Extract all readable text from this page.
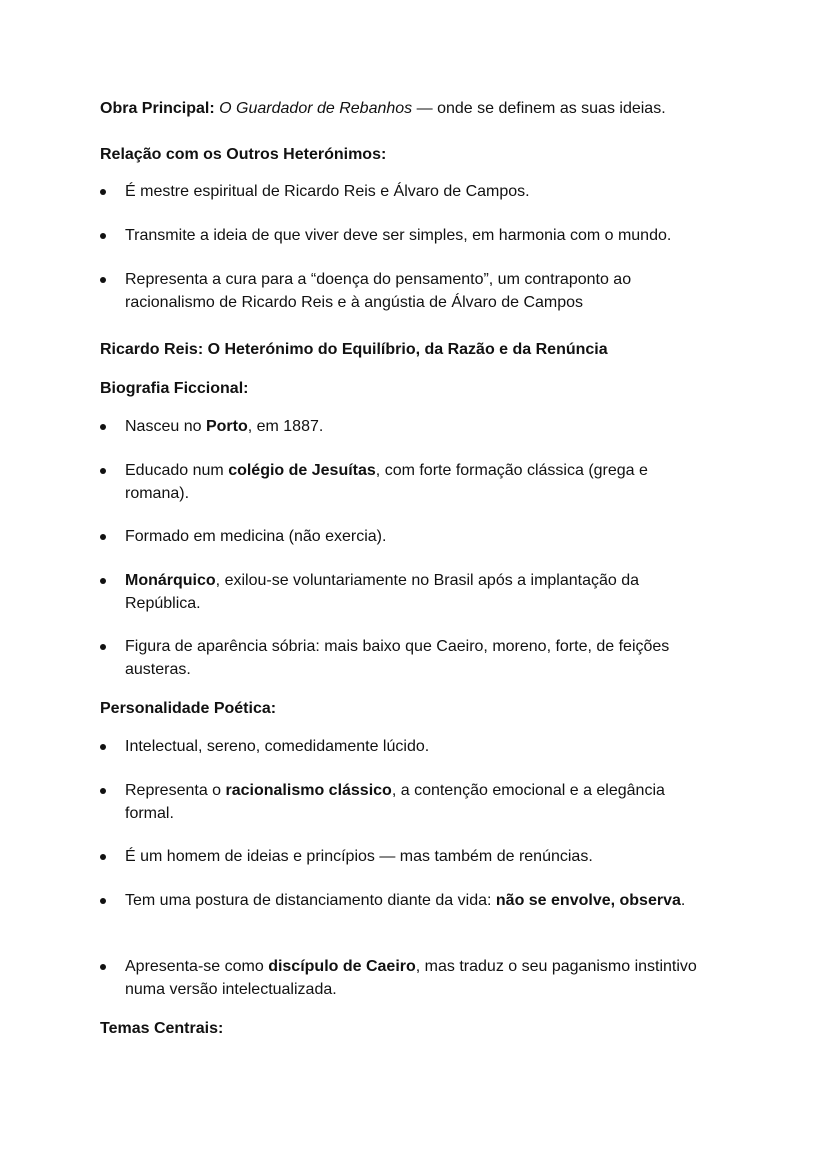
Obra Principal: O Guardador de Rebanhos — onde se definem as suas ideias.

Relação com os Outros Heterónimos:

É mestre espiritual de Ricardo Reis e Álvaro de Campos.
Transmite a ideia de que viver deve ser simples, em harmonia com o mundo.
Representa a cura para a “doença do pensamento”, um contraponto ao racionalismo de Ricardo Reis e à angústia de Álvaro de Campos

Ricardo Reis: O Heterónimo do Equilíbrio, da Razão e da Renúncia

Biografia Ficcional:

Nasceu no Porto, em 1887.
Educado num colégio de Jesuítas, com forte formação clássica (grega e romana).
Formado em medicina (não exercia).
Monárquico, exilou-se voluntariamente no Brasil após a implantação da República.
Figura de aparência sóbria: mais baixo que Caeiro, moreno, forte, de feições austeras.

Personalidade Poética:

Intelectual, sereno, comedidamente lúcido.
Representa o racionalismo clássico, a contenção emocional e a elegância formal.
É um homem de ideias e princípios — mas também de renúncias.
Tem uma postura de distanciamento diante da vida: não se envolve, observa.
Apresenta-se como discípulo de Caeiro, mas traduz o seu paganismo instintivo numa versão intelectualizada.

Temas Centrais:
